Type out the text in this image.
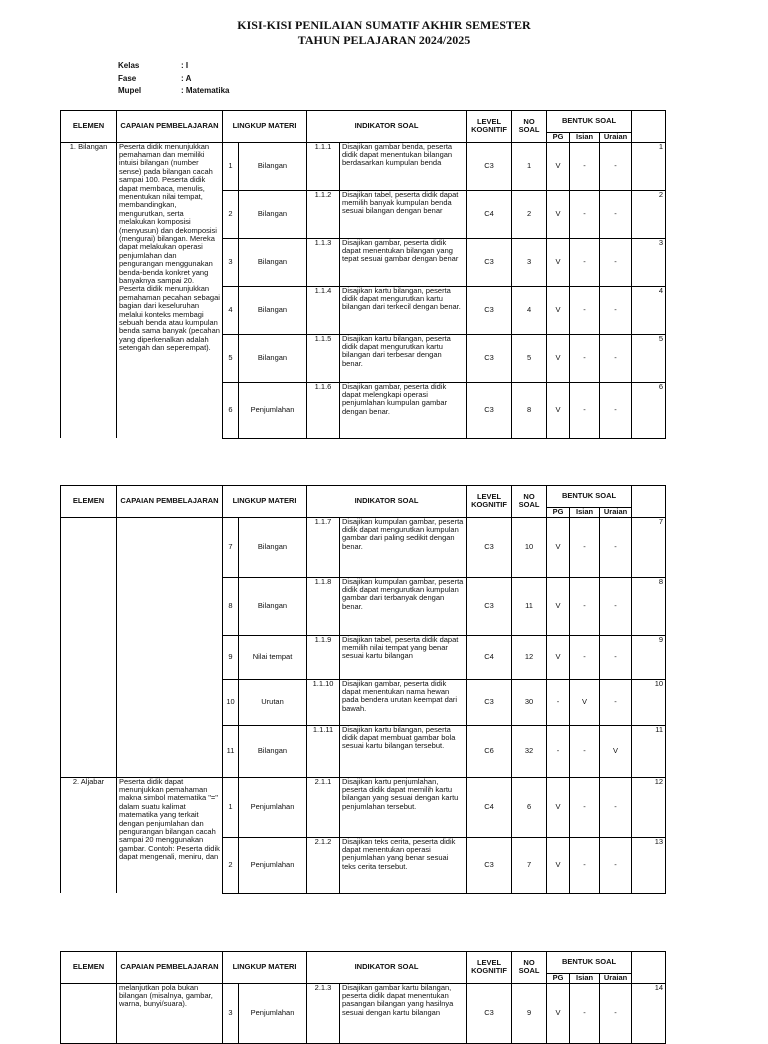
KISI-KISI PENILAIAN SUMATIF AKHIR SEMESTER
TAHUN PELAJARAN 2024/2025
Kelas	: I
Fase	: A
Mupel	: Matematika
ELEMEN	CAPAIAN PEMBELAJARAN	LINGKUP MATERI		INDIKATOR SOAL		LEVEL KOGNITIF	NO SOAL	BENTUK SOAL			
								PG	Isian	Uraian	
1. Bilangan	Peserta didik menunjukkan pemahaman dan memiliki intuisi bilangan (number sense) pada bilangan cacah sampai 100. Peserta didik dapat membaca, menulis, menentukan nilai tempat, membandingkan, mengurutkan, serta melakukan komposisi (menyusun) dan dekomposisi (mengurai) bilangan. Mereka dapat melakukan operasi penjumlahan dan pengurangan menggunakan benda-benda konkret yang banyaknya sampai 20. Peserta didik menunjukkan pemahaman pecahan sebagai bagian dari keseluruhan melalui konteks membagi sebuah benda atau kumpulan benda sama banyak (pecahan yang diperkenalkan adalah setengah dan seperempat).	1	Bilangan	1.1.1	Disajikan gambar benda, peserta didik dapat menentukan bilangan berdasarkan kumpulan benda	C3	1	V	-	-	1
		2	Bilangan	1.1.2	Disajikan tabel, peserta didik dapat memilih banyak kumpulan benda sesuai bilangan dengan benar	C4	2	V	-	-	2
		3	Bilangan	1.1.3	Disajikan gambar, peserta didik dapat menentukan bilangan yang tepat sesuai gambar dengan benar	C3	3	V	-	-	3
		4	Bilangan	1.1.4	Disajikan kartu bilangan, peserta didik dapat mengurutkan kartu bilangan dari terkecil dengan benar.	C3	4	V	-	-	4
		5	Bilangan	1.1.5	Disajikan kartu bilangan, peserta didik dapat mengurutkan kartu bilangan dari terbesar dengan benar.	C3	5	V	-	-	5
		6	Penjumlahan	1.1.6	Disajikan gambar, peserta didik dapat melengkapi operasi penjumlahan kumpulan gambar dengan benar.	C3	8	V	-	-	6
ELEMEN	CAPAIAN PEMBELAJARAN	LINGKUP MATERI		INDIKATOR SOAL		LEVEL KOGNITIF	NO SOAL	BENTUK SOAL			
								PG	Isian	Uraian	
		7	Bilangan	1.1.7	Disajikan kumpulan gambar, peserta didik dapat mengurutkan kumpulan gambar dari paling sedikit dengan benar.	C3	10	V	-	-	7
		8	Bilangan	1.1.8	Disajikan kumpulan gambar, peserta didik dapat mengurutkan kumpulan gambar dari terbanyak dengan benar.	C3	11	V	-	-	8
		9	Nilai tempat	1.1.9	Disajikan tabel, peserta didik dapat memilih nilai tempat yang benar sesuai kartu bilangan	C4	12	V	-	-	9
		10	Urutan	1.1.10	Disajikan gambar, peserta didik dapat menentukan nama hewan pada bendera urutan keempat dari bawah.	C3	30	-	V	-	10
		11	Bilangan	1.1.11	Disajikan kartu bilangan, peserta didik dapat membuat gambar bola sesuai kartu bilangan tersebut.	C6	32	-	-	V	11
2. Aljabar	Peserta didik dapat menunjukkan pemahaman makna simbol matematika "=" dalam suatu kalimat matematika yang terkait dengan penjumlahan dan pengurangan bilangan cacah sampai 20 menggunakan gambar. Contoh: Peserta didik dapat mengenali, meniru, dan	1	Penjumlahan	2.1.1	Disajikan kartu penjumlahan, peserta didik dapat memilih kartu bilangan yang sesuai dengan kartu penjumlahan tersebut.	C4	6	V	-	-	12
		2	Penjumlahan	2.1.2	Disajikan teks cerita, peserta didik dapat menentukan operasi penjumlahan yang benar sesuai teks cerita tersebut.	C3	7	V	-	-	13
ELEMEN	CAPAIAN PEMBELAJARAN	LINGKUP MATERI		INDIKATOR SOAL		LEVEL KOGNITIF	NO SOAL	BENTUK SOAL			
								PG	Isian	Uraian	
	melanjutkan pola bukan bilangan (misalnya, gambar, warna, bunyi/suara).	3	Penjumlahan	2.1.3	Disajikan gambar kartu bilangan, peserta didik dapat menentukan pasangan bilangan yang hasilnya sesuai dengan kartu bilangan	C3	9	V	-	-	14
